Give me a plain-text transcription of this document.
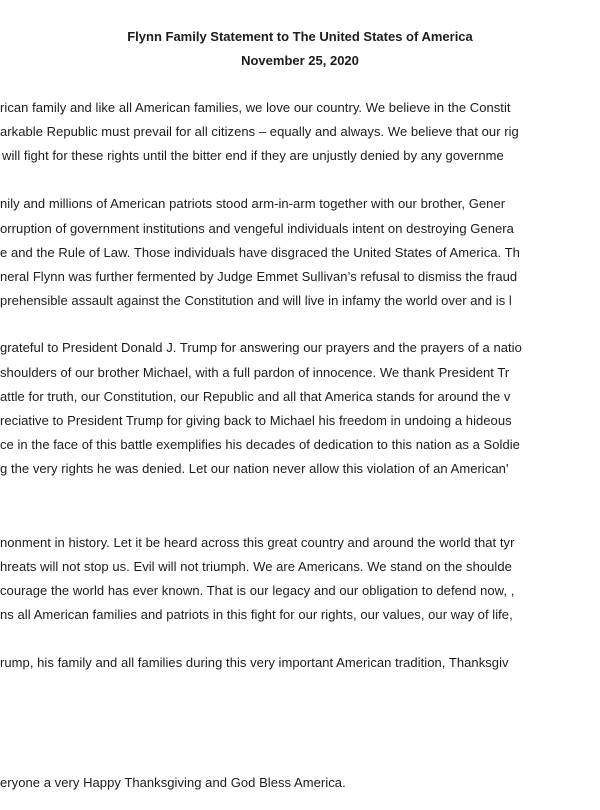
Flynn Family Statement to The United States of America
November 25, 2020
rican family and like all American families, we love our country. We believe in the Constit
arkable Republic must prevail for all citizens – equally and always. We believe that our rig
will fight for these rights until the bitter end if they are unjustly denied by any governme
nily and millions of American patriots stood arm-in-arm together with our brother, Gener
orruption of government institutions and vengeful individuals intent on destroying Genera
e and the Rule of Law. Those individuals have disgraced the United States of America. Th
neral Flynn was further fermented by Judge Emmet Sullivan’s refusal to dismiss the fraud
prehensible assault against the Constitution and will live in infamy the world over and is l
grateful to President Donald J. Trump for answering our prayers and the prayers of a natio
shoulders of our brother Michael, with a full pardon of innocence. We thank President Tr
attle for truth, our Constitution, our Republic and all that America stands for around the v
reciative to President Trump for giving back to Michael his freedom in undoing a hideous
ce in the face of this battle exemplifies his decades of dedication to this nation as a Soldie
g the very rights he was denied. Let our nation never allow this violation of an American'
nonment in history. Let it be heard across this great country and around the world that tyr
hreats will not stop us. Evil will not triumph. We are Americans. We stand on the shoulde
courage the world has ever known. That is our legacy and our obligation to defend now, ,
ns all American families and patriots in this fight for our rights, our values, our way of life,
rump, his family and all families during this very important American tradition, Thanksgiv
eryone a very Happy Thanksgiving and God Bless America.
